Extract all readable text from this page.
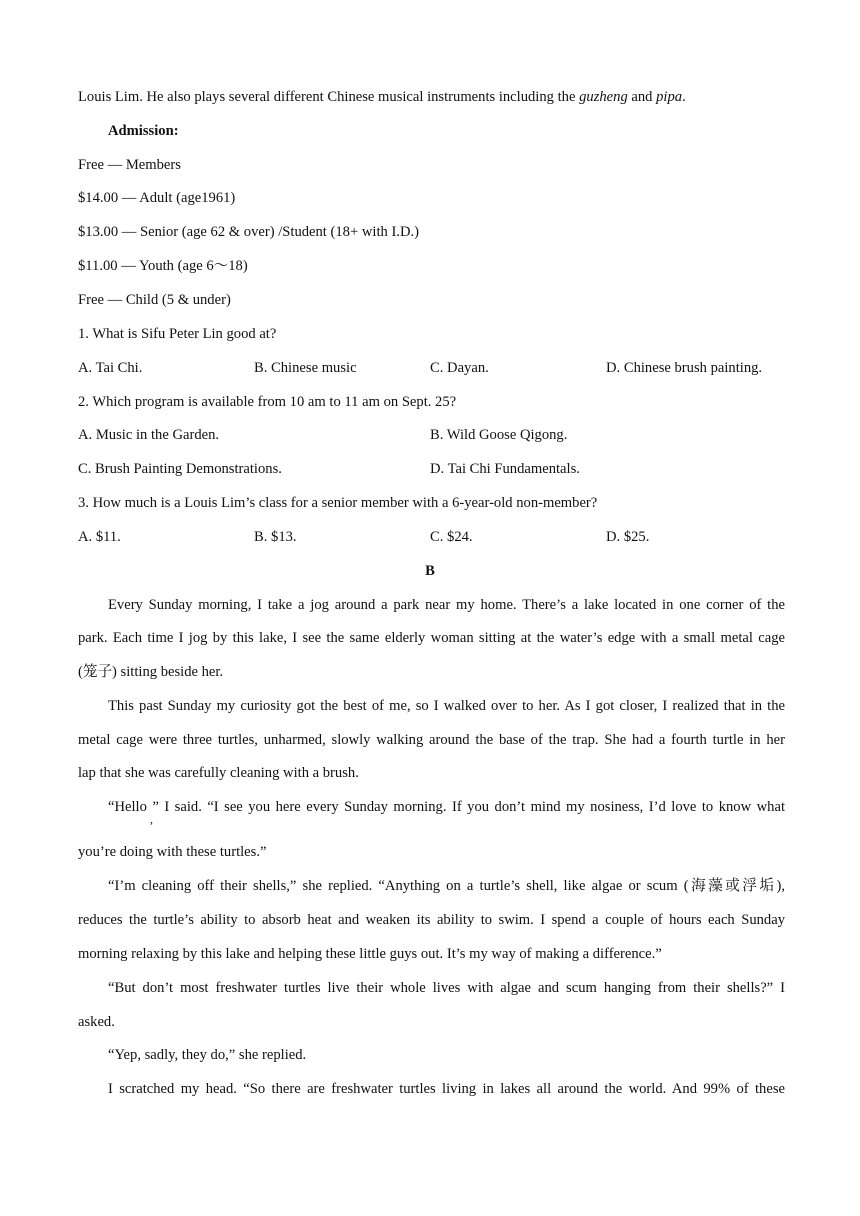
Louis Lim. He also plays several different Chinese musical instruments including the guzheng and pipa.
Admission:
Free — Members
$14.00 — Adult (age1961)
$13.00 — Senior (age 62 & over) /Student (18+ with I.D.)
$11.00 — Youth (age 6～18)
Free — Child (5 & under)
1. What is Sifu Peter Lin good at?
A. Tai Chi.	B. Chinese music	C. Dayan.	D. Chinese brush painting.
2. Which program is available from 10 am to 11 am on Sept. 25?
A. Music in the Garden.	B. Wild Goose Qigong.
C. Brush Painting Demonstrations.	D. Tai Chi Fundamentals.
3. How much is a Louis Lim’s class for a senior member with a 6-year-old non-member?
A. $11.	B. $13.	C. $24.	D. $25.
B
Every Sunday morning, I take a jog around a park near my home. There’s a lake located in one corner of the
park. Each time I jog by this lake, I see the same elderly woman sitting at the water’s edge with a small metal cage
(笼子) sitting beside her.
This past Sunday my curiosity got the best of me, so I walked over to her. As I got closer, I realized that in the
metal cage were three turtles, unharmed, slowly walking around the base of the trap. She had a fourth turtle in her
lap that she was carefully cleaning with a brush.
“Hello ” I said. “I see you here every Sunday morning. If you don’t mind my nosiness, I’d love to know what
,
you’re doing with these turtles.”
“I’m cleaning off their shells,” she replied. “Anything on a turtle’s shell, like algae or scum (海藻或浮垢),
reduces the turtle’s ability to absorb heat and weaken its ability to swim. I spend a couple of hours each Sunday
morning relaxing by this lake and helping these little guys out. It’s my way of making a difference.”
“But don’t most freshwater turtles live their whole lives with algae and scum hanging from their shells?” I
asked.
“Yep, sadly, they do,” she replied.
I scratched my head. “So there are freshwater turtles living in lakes all around the world. And 99% of these
